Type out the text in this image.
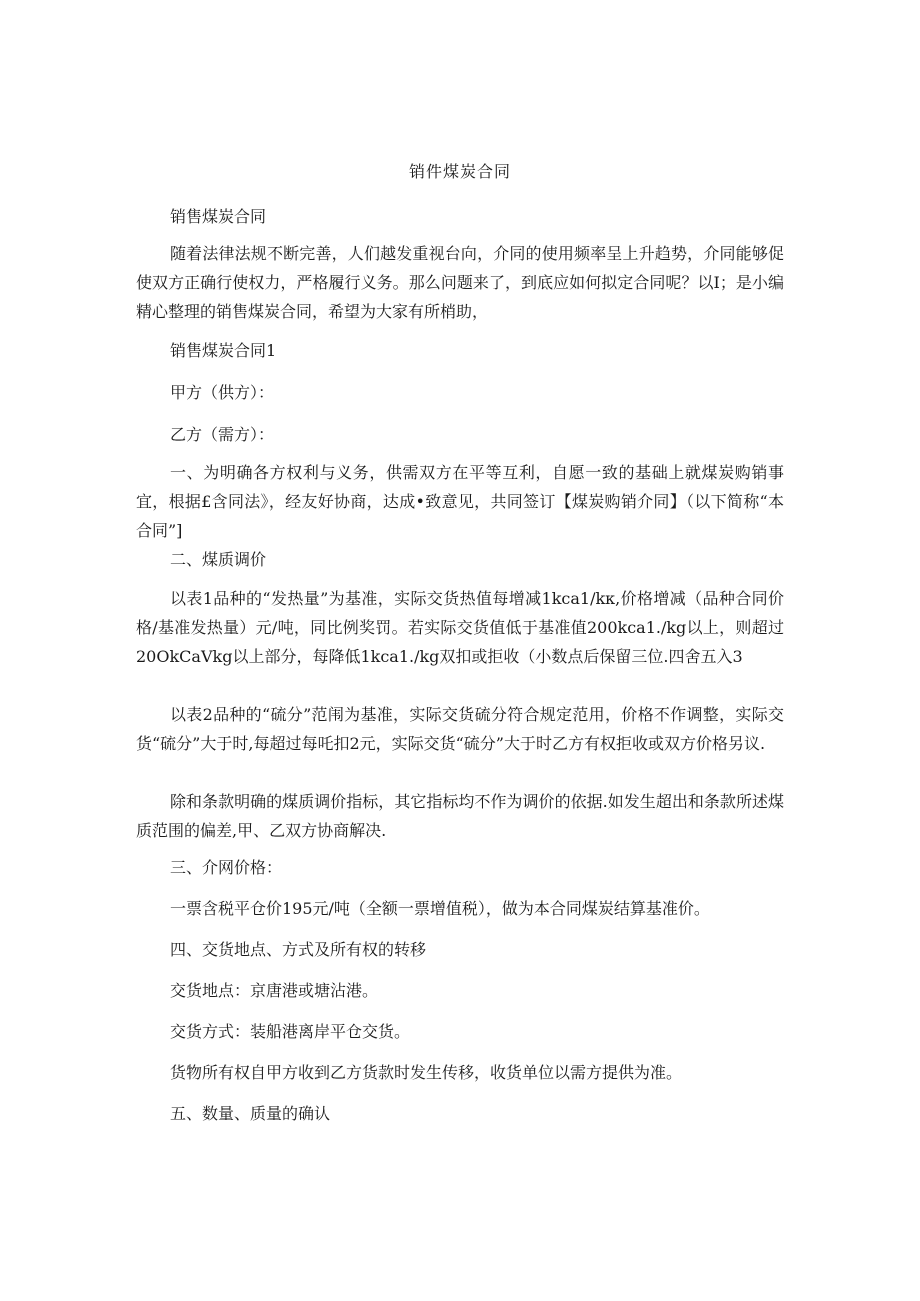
销件煤炭合同

销售煤炭合同

随着法律法规不断完善，人们越发重视台向，介同的使用频率呈上升趋势，介同能够促使双方正确行使权力，严格履行义务。那么问题来了，到底应如何拟定合同呢？以I；是小编精心整理的销售煤炭合同，希望为大家有所梢助，

销售煤炭合同1

甲方（供方）：

乙方（需方）：

一、为明确各方权利与义务，供需双方在平等互利，自愿一致的基础上就煤炭购销事宜，根据£含同法》，经友好协商，达成•致意见，共同签订【煤炭购销介同】（以下简称“本合同”]

二、煤质调价

以表1品种的“发热量”为基准，实际交货热值每增减1kca1∕kκ,价格增减（品种合同价格/基准发热量）元/吨，同比例奖罚。若实际交货值低于基准值200kca1./kg以上，则超过20OkCaVkg以上部分，每降低1kca1./kg双扣或拒收（小数点后保留三位.四舍五入3

以表2品种的“硫分”范闱为基准，实际交货硫分符合规定范用，价格不作调整，实际交货“硫分”大于时,每超过每吒扣2元，实际交货“硫分”大于时乙方有权拒收或双方价格另议.

除和条款明确的煤质调价指标，其它指标均不作为调价的依据.如发生超出和条款所述煤质范围的偏差,甲、乙双方协商解决.

三、介网价格：

一票含税平仓价195元/吨（全额一票增值税），做为本合同煤炭结算基准价。

四、交货地点、方式及所有权的转移

交货地点：京唐港或塘沾港。

交货方式：装船港离岸平仓交货。

货物所有权自甲方收到乙方货款时发生传移，收货单位以需方提供为准。

五、数量、质量的确认
